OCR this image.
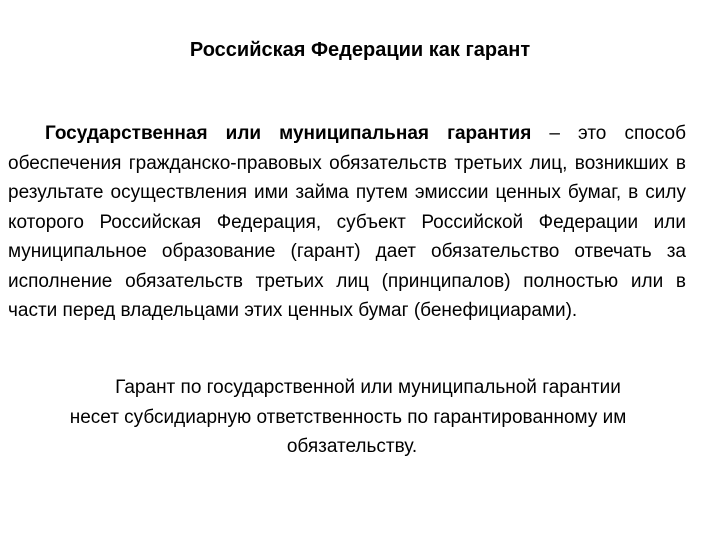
Российская Федерации как гарант

Государственная или муниципальная гарантия – это способ обеспечения гражданско-правовых обязательств третьих лиц, возникших в результате осуществления ими займа путем эмиссии ценных бумаг, в силу которого Российская Федерация, субъект Российской Федерации или муниципальное образование (гарант) дает обязательство отвечать за исполнение обязательств третьих лиц (принципалов) полностью или в части перед владельцами этих ценных бумаг (бенефициарами).

Гарант по государственной или муниципальной гарантии
несет субсидиарную ответственность по гарантированному им
обязательству.
